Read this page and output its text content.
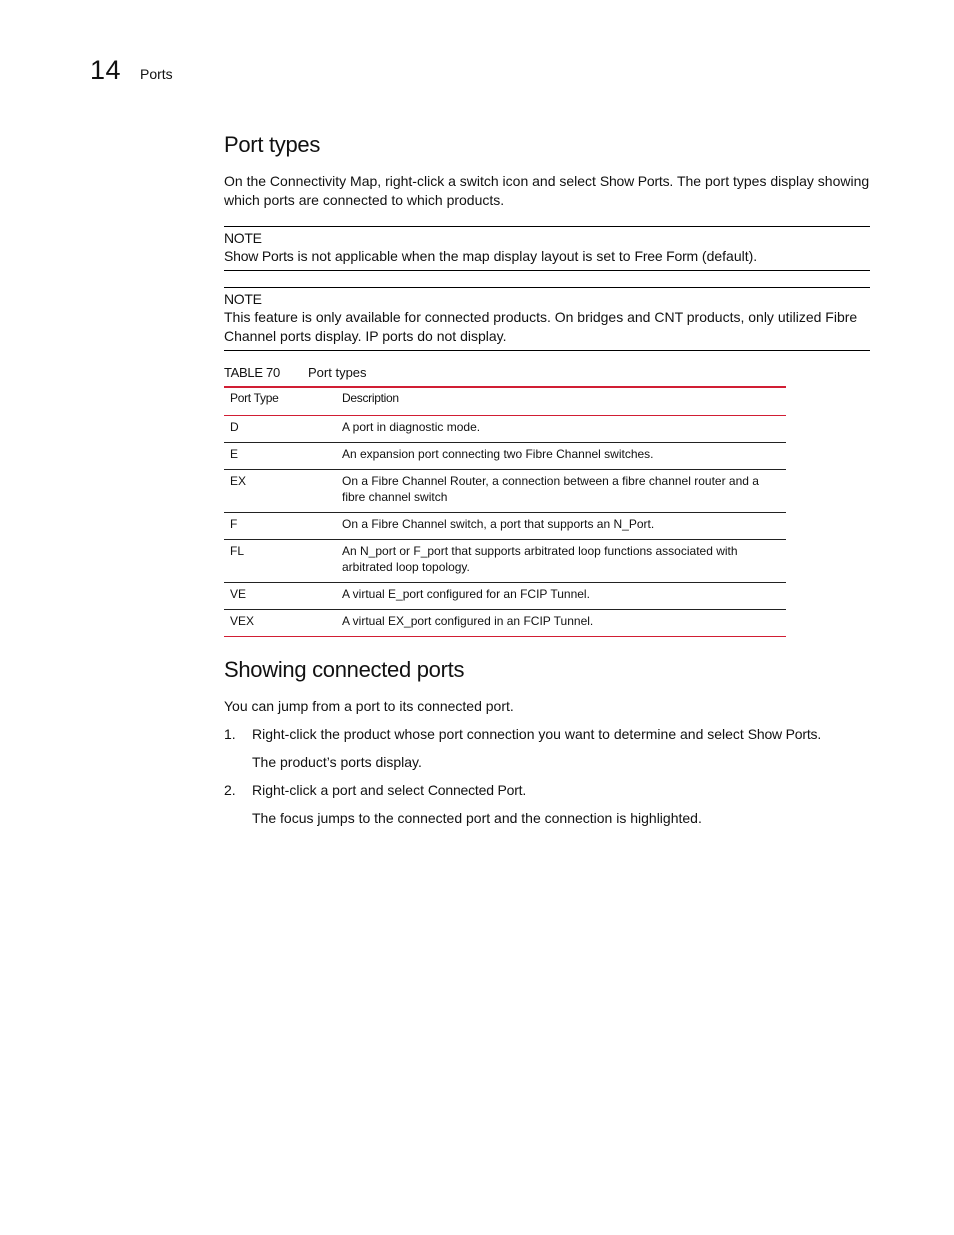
14 Ports
Port types

On the Connectivity Map, right-click a switch icon and select Show Ports. The port types display showing which ports are connected to which products.

NOTE

Show Ports is not applicable when the map display layout is set to Free Form (default).

NOTE

This feature is only available for connected products. On bridges and CNT products, only utilized Fibre Channel ports display. IP ports do not display.

TABLE 70	Port types
Port Type	Description
D	A port in diagnostic mode.
E	An expansion port connecting two Fibre Channel switches.
EX	On a Fibre Channel Router, a connection between a fibre channel router and a fibre channel switch
F	On a Fibre Channel switch, a port that supports an N_Port.
FL	An N_port or F_port that supports arbitrated loop functions associated with arbitrated loop topology.
VE	A virtual E_port configured for an FCIP Tunnel.
VEX	A virtual EX_port configured in an FCIP Tunnel.
Showing connected ports

You can jump from a port to its connected port.

1. Right-click the product whose port connection you want to determine and select Show Ports.
The product’s ports display.
2. Right-click a port and select Connected Port.
The focus jumps to the connected port and the connection is highlighted.
